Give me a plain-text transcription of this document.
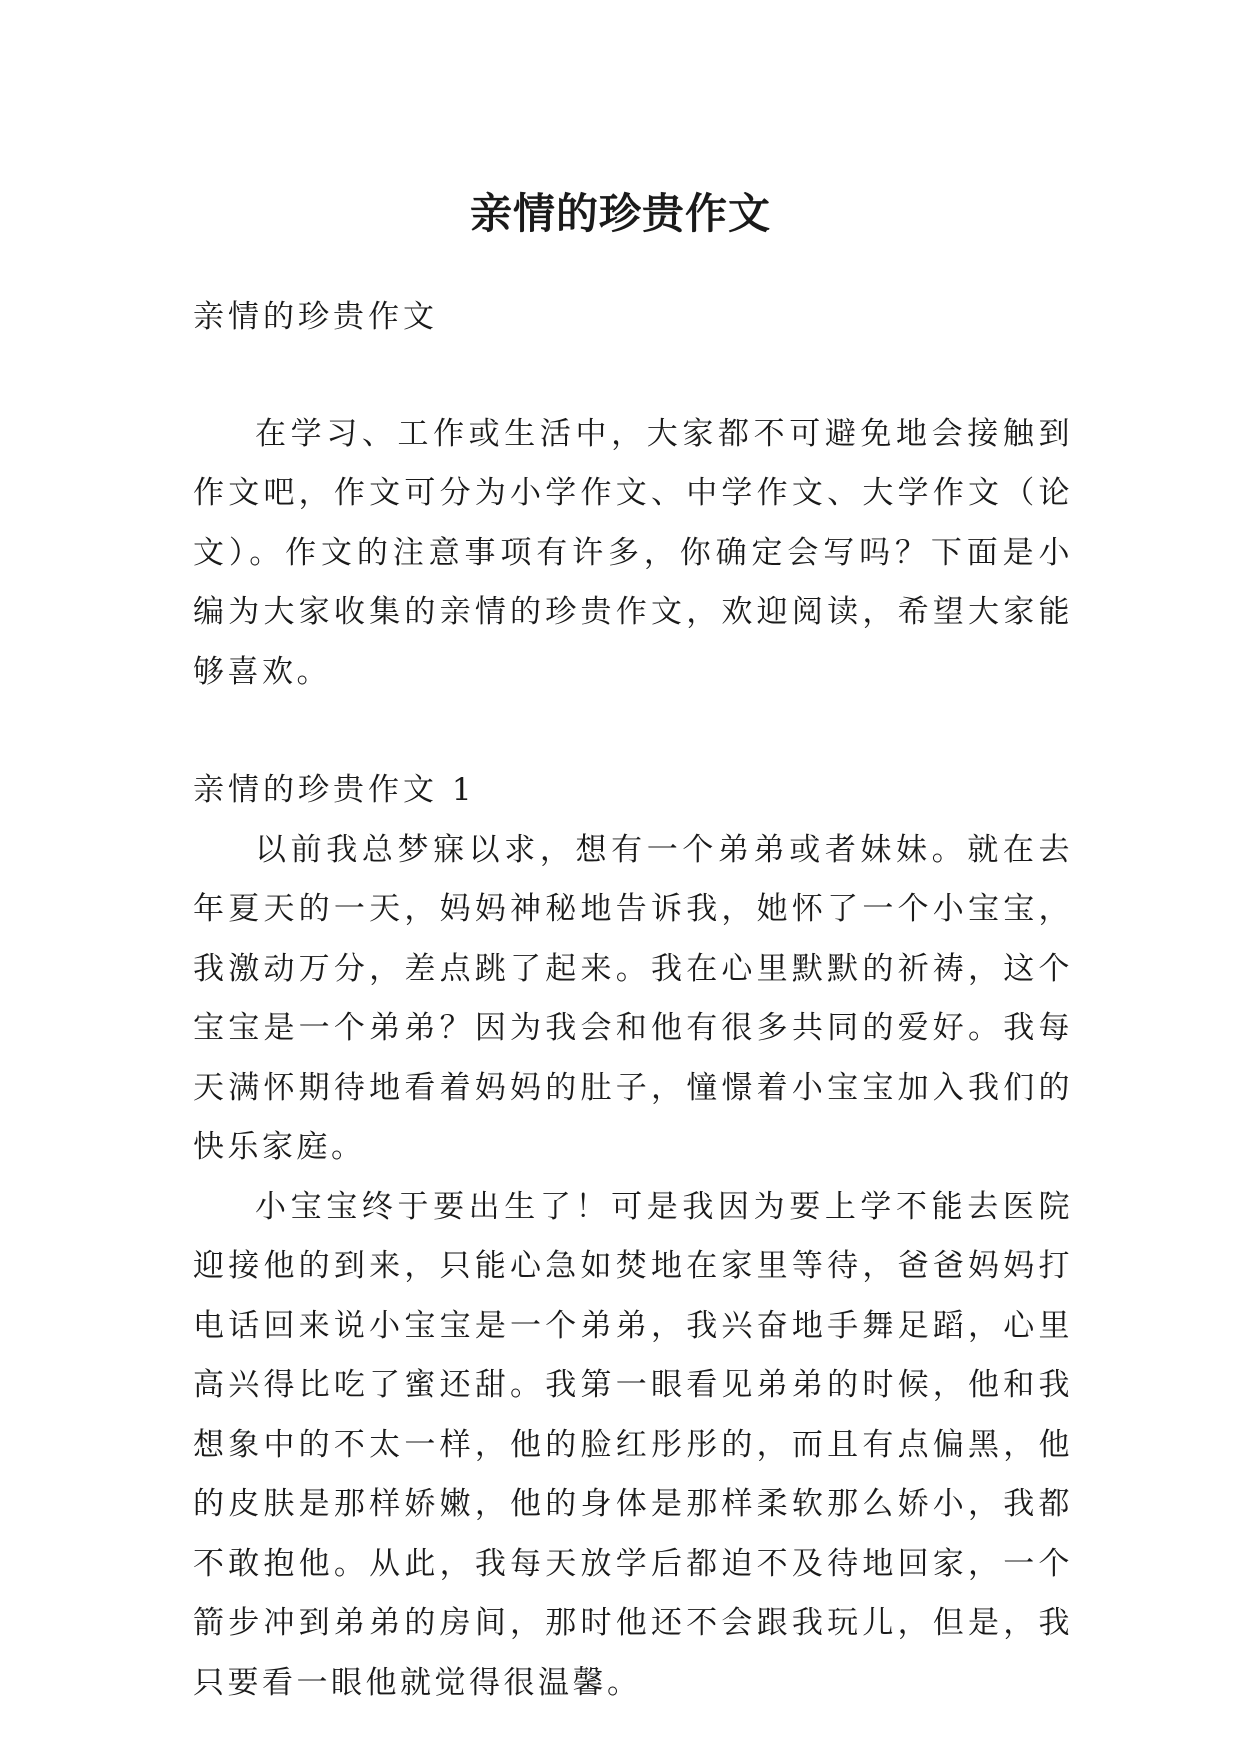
亲情的珍贵作文

亲情的珍贵作文

在学习、工作或生活中，大家都不可避免地会接触到作文吧，作文可分为小学作文、中学作文、大学作文（论文）。作文的注意事项有许多，你确定会写吗？下面是小编为大家收集的亲情的珍贵作文，欢迎阅读，希望大家能够喜欢。

亲情的珍贵作文 1

以前我总梦寐以求，想有一个弟弟或者妹妹。就在去年夏天的一天，妈妈神秘地告诉我，她怀了一个小宝宝，我激动万分，差点跳了起来。我在心里默默的祈祷，这个宝宝是一个弟弟？因为我会和他有很多共同的爱好。我每天满怀期待地看着妈妈的肚子，憧憬着小宝宝加入我们的快乐家庭。

小宝宝终于要出生了！可是我因为要上学不能去医院迎接他的到来，只能心急如焚地在家里等待，爸爸妈妈打电话回来说小宝宝是一个弟弟，我兴奋地手舞足蹈，心里高兴得比吃了蜜还甜。我第一眼看见弟弟的时候，他和我想象中的不太一样，他的脸红彤彤的，而且有点偏黑，他的皮肤是那样娇嫩，他的身体是那样柔软那么娇小，我都不敢抱他。从此，我每天放学后都迫不及待地回家，一个箭步冲到弟弟的房间，那时他还不会跟我玩儿，但是，我只要看一眼他就觉得很温馨。
